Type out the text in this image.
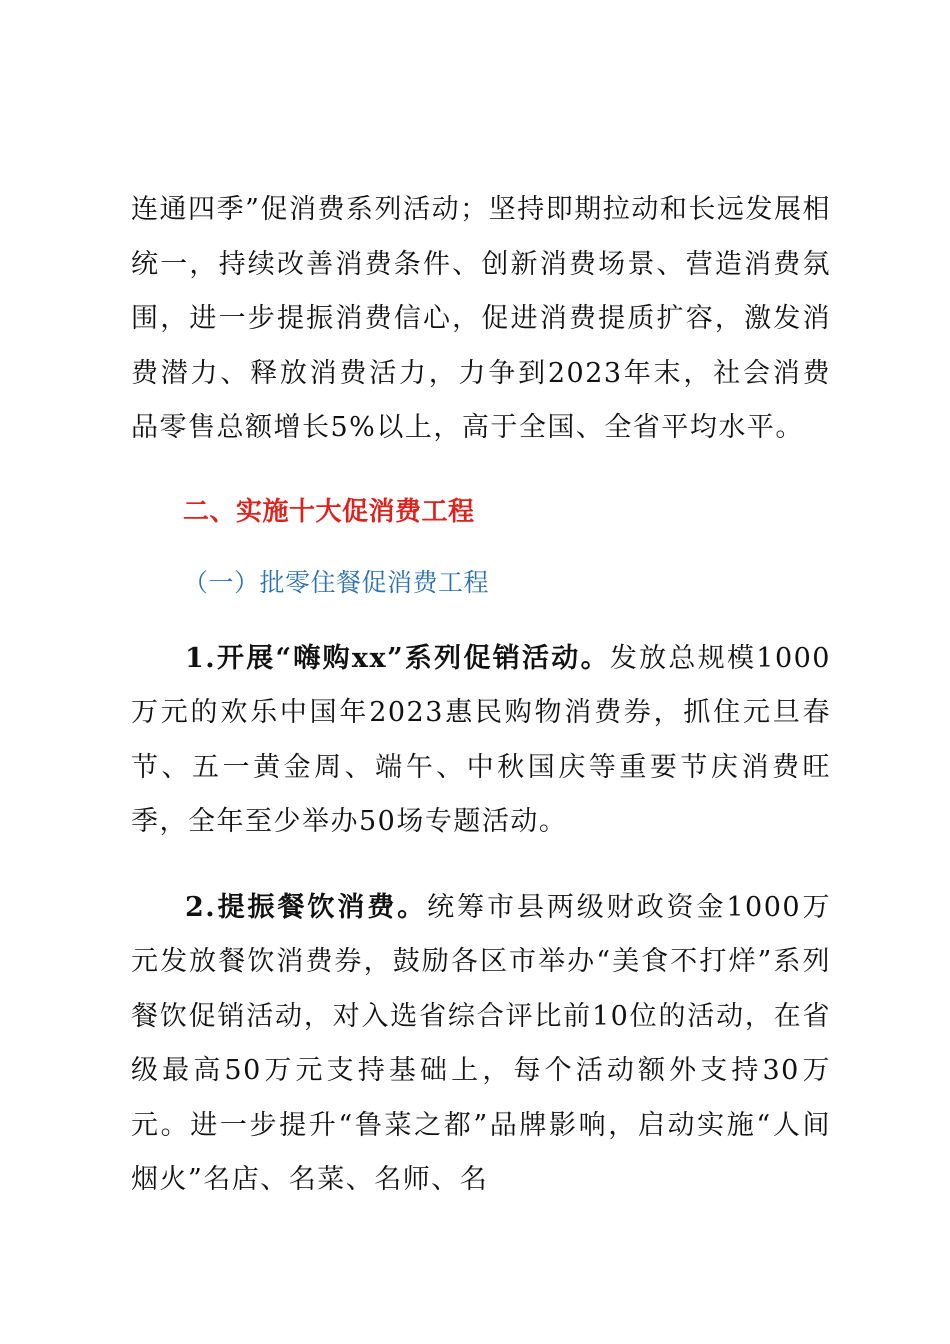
连通四季”促消费系列活动；坚持即期拉动和长远发展相统一，持续改善消费条件、创新消费场景、营造消费氛围，进一步提振消费信心，促进消费提质扩容，激发消费潜力、释放消费活力，力争到2023年末，社会消费品零售总额增长5%以上，高于全国、全省平均水平。

二、实施十大促消费工程

（一）批零住餐促消费工程

1.开展“嗨购xx”系列促销活动。发放总规模1000万元的欢乐中国年2023惠民购物消费券，抓住元旦春节、五一黄金周、端午、中秋国庆等重要节庆消费旺季，全年至少举办50场专题活动。

2.提振餐饮消费。统筹市县两级财政资金1000万元发放餐饮消费券，鼓励各区市举办“美食不打烊”系列餐饮促销活动，对入选省综合评比前10位的活动，在省级最高50万元支持基础上，每个活动额外支持30万元。进一步提升“鲁菜之都”品牌影响，启动实施“人间烟火”名店、名菜、名师、名
